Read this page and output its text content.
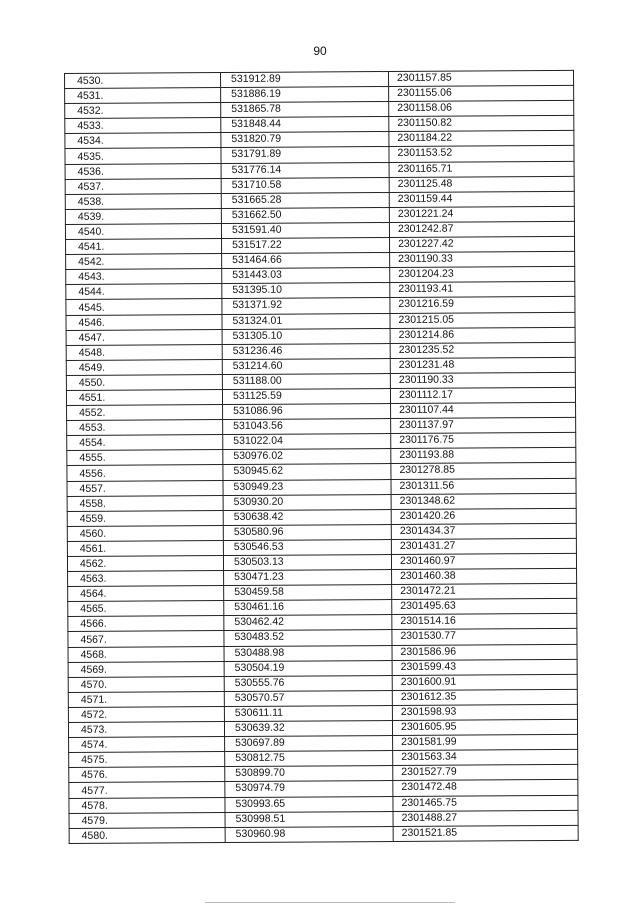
90
4530.	531912.89	2301157.85
4531.	531886.19	2301155.06
4532.	531865.78	2301158.06
4533.	531848.44	2301150.82
4534.	531820.79	2301184.22
4535.	531791.89	2301153.52
4536.	531776.14	2301165.71
4537.	531710.58	2301125.48
4538.	531665.28	2301159.44
4539.	531662.50	2301221.24
4540.	531591.40	2301242.87
4541.	531517.22	2301227.42
4542.	531464.66	2301190.33
4543.	531443.03	2301204.23
4544.	531395.10	2301193.41
4545.	531371.92	2301216.59
4546.	531324.01	2301215.05
4547.	531305.10	2301214.86
4548.	531236.46	2301235.52
4549.	531214.60	2301231.48
4550.	531188.00	2301190.33
4551.	531125.59	2301112.17
4552.	531086.96	2301107.44
4553.	531043.56	2301137.97
4554.	531022.04	2301176.75
4555.	530976.02	2301193.88
4556.	530945.62	2301278.85
4557.	530949.23	2301311.56
4558.	530930.20	2301348.62
4559.	530638.42	2301420.26
4560.	530580.96	2301434.37
4561.	530546.53	2301431.27
4562.	530503.13	2301460.97
4563.	530471.23	2301460.38
4564.	530459.58	2301472.21
4565.	530461.16	2301495.63
4566.	530462.42	2301514.16
4567.	530483.52	2301530.77
4568.	530488.98	2301586.96
4569.	530504.19	2301599.43
4570.	530555.76	2301600.91
4571.	530570.57	2301612.35
4572.	530611.11	2301598.93
4573.	530639.32	2301605.95
4574.	530697.89	2301581.99
4575.	530812.75	2301563.34
4576.	530899.70	2301527.79
4577.	530974.79	2301472.48
4578.	530993.65	2301465.75
4579.	530998.51	2301488.27
4580.	530960.98	2301521.85
